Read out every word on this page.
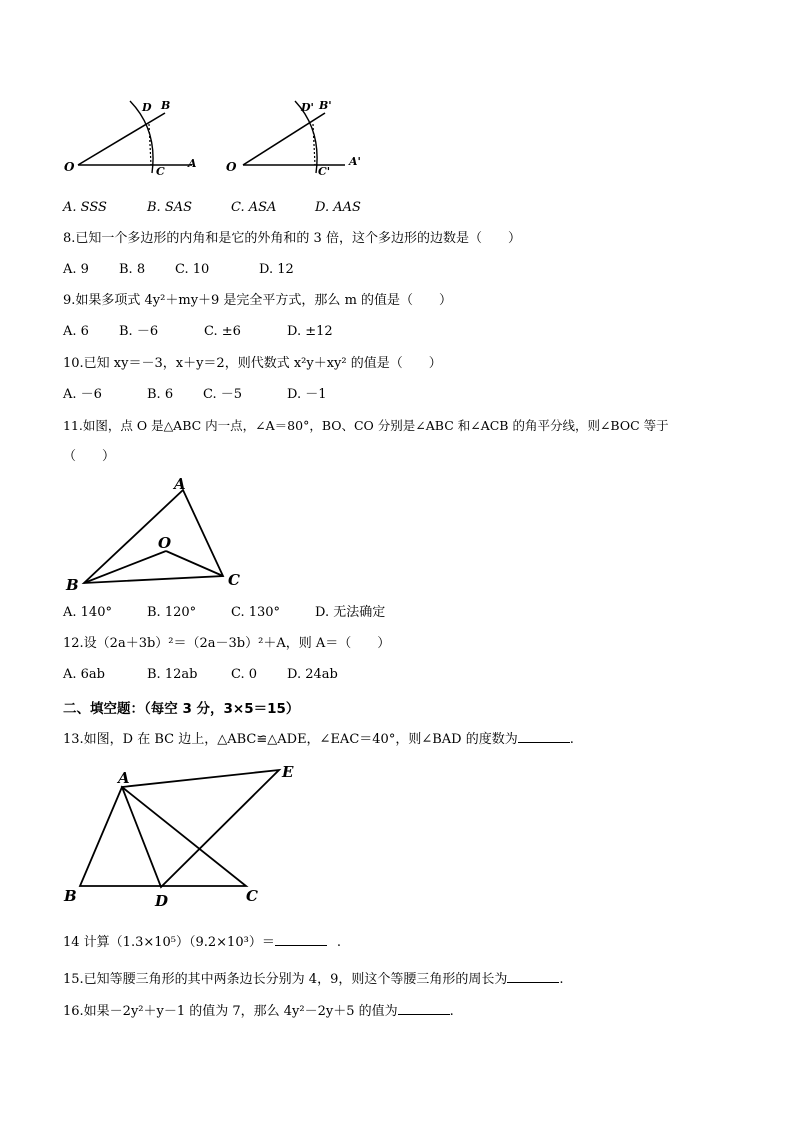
O
D B
C
A O
D' B'
C'
A'
A. SSS	B. SAS	C. ASA	D. AAS
8.已知一个多边形的内角和是它的外角和的 3 倍，这个多边形的边数是（　　）
A. 9 B. 8 C. 10	D. 12
9.如果多项式 4y²＋my＋9 是完全平方式，那么 m 的值是（　　）
A. 6 B. －6	C. ±6	D. ±12
10.已知 xy＝－3，x＋y＝2，则代数式 x²y＋xy² 的值是（　　）
A. －6	B. 6 C. －5	D. －1
11.如图，点 O 是△ABC 内一点，∠A＝80°，BO、CO 分别是∠ABC 和∠ACB 的角平分线，则∠BOC 等于
（　　）
A
O
B	C
A. 140°	B. 120°	C. 130°	D. 无法确定
12.设（2a＋3b）²＝（2a－3b）²＋A，则 A＝（　　）
A. 6ab	B. 12ab	C. 0 D. 24ab
二、填空题：（每空 3 分，3×5＝15）
13.如图，D 在 BC 边上，△ABC≌△ADE，∠EAC＝40°，则∠BAD 的度数为	.
A	E
B	D	C
14 计算（1.3×10⁵）（9.2×10³）＝	.
15.已知等腰三角形的其中两条边长分别为 4，9，则这个等腰三角形的周长为	.
16.如果－2y²＋y－1 的值为 7，那么 4y²－2y＋5 的值为	.
